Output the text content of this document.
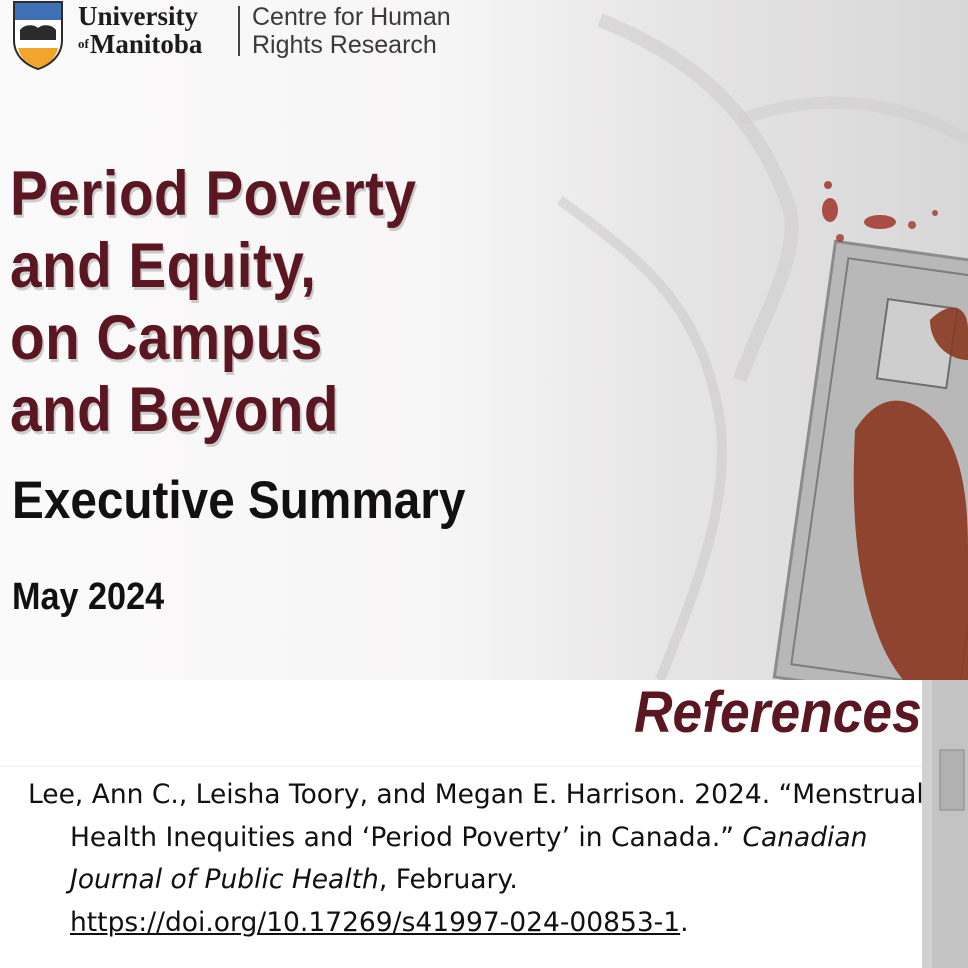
University
$^{of}$Manitoba
Centre for Human
Rights Research
Period Poverty
and Equity,
on Campus
and Beyond
Executive Summary
May 2024
References

Lee, Ann C., Leisha Toory, and Megan E. Harrison. 2024. “Menstrual Health Inequities and ‘Period Poverty’ in Canada.” Canadian Journal of Public Health, February. https://doi.org/10.17269/s41997-024-00853-1.
